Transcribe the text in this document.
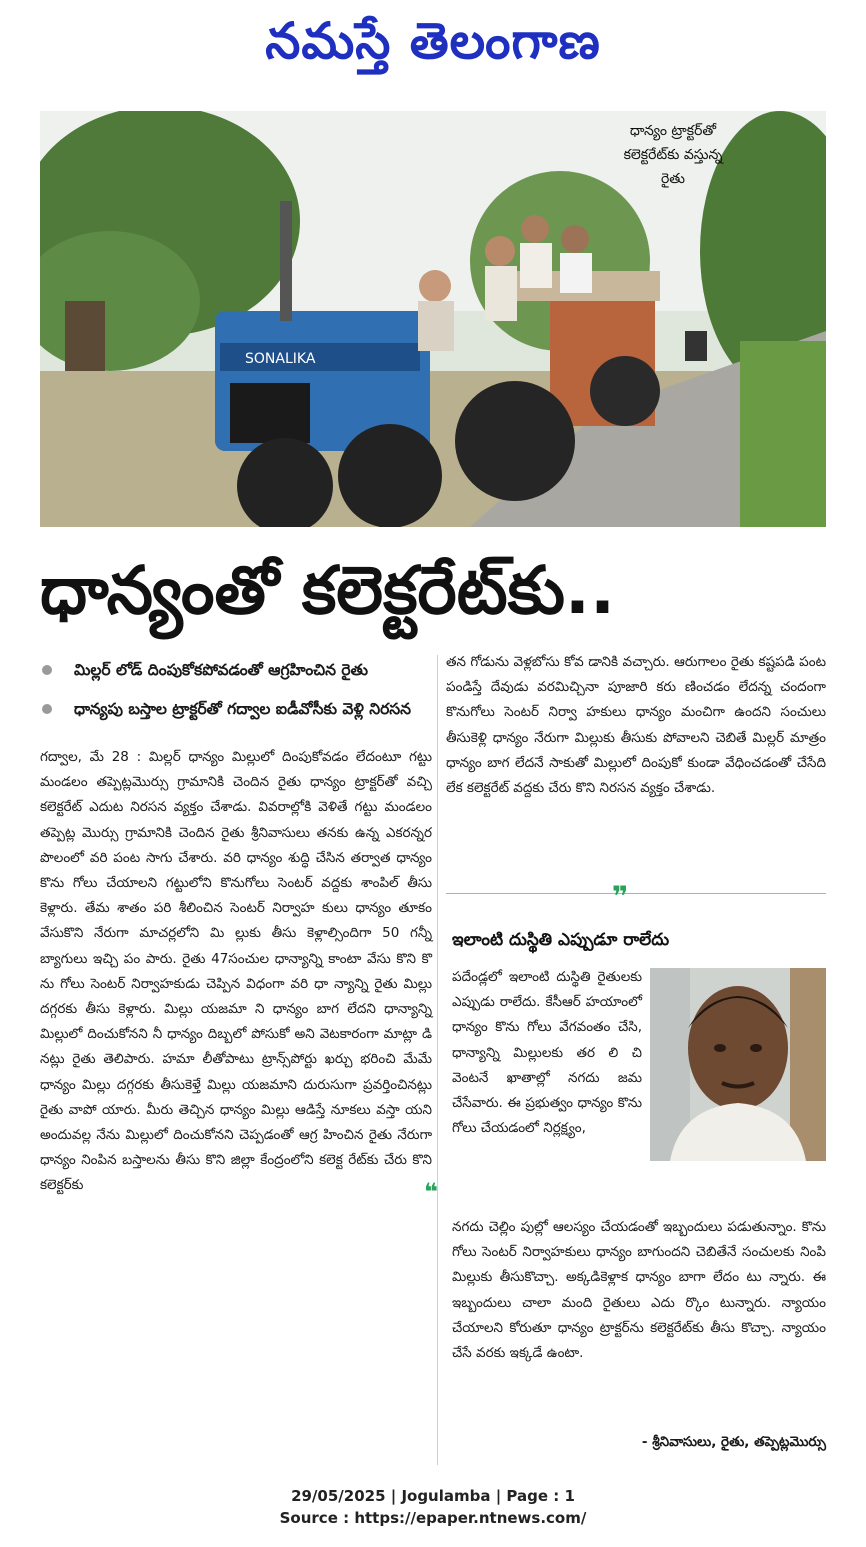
నమస్తే తెలంగాణ
SONALIKA
ధాన్యం ట్రాక్టర్‌తో
కలెక్టరేట్‌కు వస్తున్న
రైతు
ధాన్యంతో కలెక్టరేట్‌కు..
మిల్లర్ లోడ్ దింపుకోకపోవడంతో ఆగ్రహించిన రైతు
ధాన్యపు బస్తాల ట్రాక్టర్‌తో గద్వాల ఐడీవోసీకు వెళ్లి నిరసన

గద్వాల, మే 28 : మిల్లర్ ధాన్యం మిల్లులో దింపుకోవడం లేదంటూ గట్టు మండలం తప్పెట్లమొర్సు గ్రామానికి చెందిన రైతు ధాన్యం ట్రాక్టర్‌తో వచ్చి కలెక్టరేట్ ఎదుట నిరసన వ్యక్తం చేశాడు. వివరాల్లోకి వెళితే గట్టు మండలం తప్పెట్ల మొర్సు గ్రామానికి చెందిన రైతు శ్రీనివాసులు తనకు ఉన్న ఎకరన్నర పొలంలో వరి పంట సాగు చేశారు. వరి ధాన్యం శుద్ధి చేసిన తర్వాత ధాన్యం కొను గోలు చేయాలని గట్టులోని కొనుగోలు సెంటర్ వద్దకు శాంపిల్ తీసు కెళ్లారు. తేమ శాతం పరి శీలించిన సెంటర్ నిర్వాహ కులు ధాన్యం తూకం వేసుకొని నేరుగా మాచర్లలోని మి ల్లుకు తీసు కెళ్లాల్సిందిగా 50 గన్నీ బ్యాగులు ఇచ్చి పం పారు. రైతు 47సంచుల ధాన్యాన్ని కాంటా వేసు కొని కొ ను గోలు సెంటర్ నిర్వాహకుడు చెప్పిన విధంగా వరి ధా న్యాన్ని రైతు మిల్లు దగ్గరకు తీసు కెళ్లారు. మిల్లు యజమా ని ధాన్యం బాగ లేదని ధాన్యాన్ని మిల్లులో దించుకోనని నీ ధాన్యం దిబ్బలో పోసుకో అని వెటకారంగా మాట్లా డి నట్లు రైతు తెలిపారు. హమా లీతోపాటు ట్రాన్స్‌పోర్టు ఖర్చు భరించి మేమే ధాన్యం మిల్లు దగ్గరకు తీసుకెళ్తే మిల్లు యజమాని దురుసుగా ప్రవర్తించినట్లు రైతు వాపో యారు. మీరు తెచ్చిన ధాన్యం మిల్లు ఆడిస్తే నూకలు వస్తా యని అందువల్ల నేను మిల్లులో దించుకోనని చెప్పడంతో ఆగ్ర హించిన రైతు నేరుగా ధాన్యం నింపిన బస్తాలను తీసు కొని జిల్లా కేంద్రంలోని కలెక్ట రేట్‌కు చేరు కొని కలెక్టర్‌కు

తన గోడును వెళ్లబోసు కోవ డానికి వచ్చారు. ఆరుగాలం రైతు కష్టపడి పంట పండిస్తే దేవుడు వరమిచ్చినా పూజారి కరు ణించడం లేదన్న చందంగా కొనుగోలు సెంటర్ నిర్వా హకులు ధాన్యం మంచిగా ఉందని సంచులు తీసుకెళ్లి ధాన్యం నేరుగా మిల్లుకు తీసుకు పోవాలని చెబితే మిల్లర్ మాత్రం ధాన్యం బాగ లేదనే సాకుతో మిల్లులో దింపుకో కుండా వేధించడంతో చేసేది లేక కలెక్టరేట్ వద్దకు చేరు కొని నిరసన వ్యక్తం చేశాడు.

❞
ఇలాంటి దుస్థితి ఎప్పుడూ రాలేదు

పదేండ్లలో ఇలాంటి దుస్థితి రైతులకు ఎప్పుడు రాలేదు. కేసీఆర్ హయాంలో ధాన్యం కొను గోలు వేగవంతం చేసి, ధాన్యాన్ని మిల్లులకు తర లి చి వెంటనే ఖాతాల్లో నగదు జమ చేసేవారు. ఈ ప్రభుత్వం ధాన్యం కొను గోలు చేయడంలో నిర్లక్ష్యం,

❝

నగదు చెల్లిం పుల్లో ఆలస్యం చేయడంతో ఇబ్బందులు పడుతున్నాం. కొను గోలు సెంటర్ నిర్వాహకులు ధాన్యం బాగుందని చెబితేనే సంచులకు నింపి మిల్లుకు తీసుకొచ్చా. అక్కడికెళ్లాక ధాన్యం బాగా లేదం టు న్నారు. ఈ ఇబ్బందులు చాలా మంది రైతులు ఎదు ర్కొం టున్నారు. న్యాయం చేయాలని కోరుతూ ధాన్యం ట్రాక్టర్‌ను కలెక్టరేట్‌కు తీసు కొచ్చా. న్యాయం చేసే వరకు ఇక్కడే ఉంటా.

- శ్రీనివాసులు, రైతు, తప్పెట్లమొర్సు
29/05/2025 | Jogulamba | Page : 1
Source : https://epaper.ntnews.com/
